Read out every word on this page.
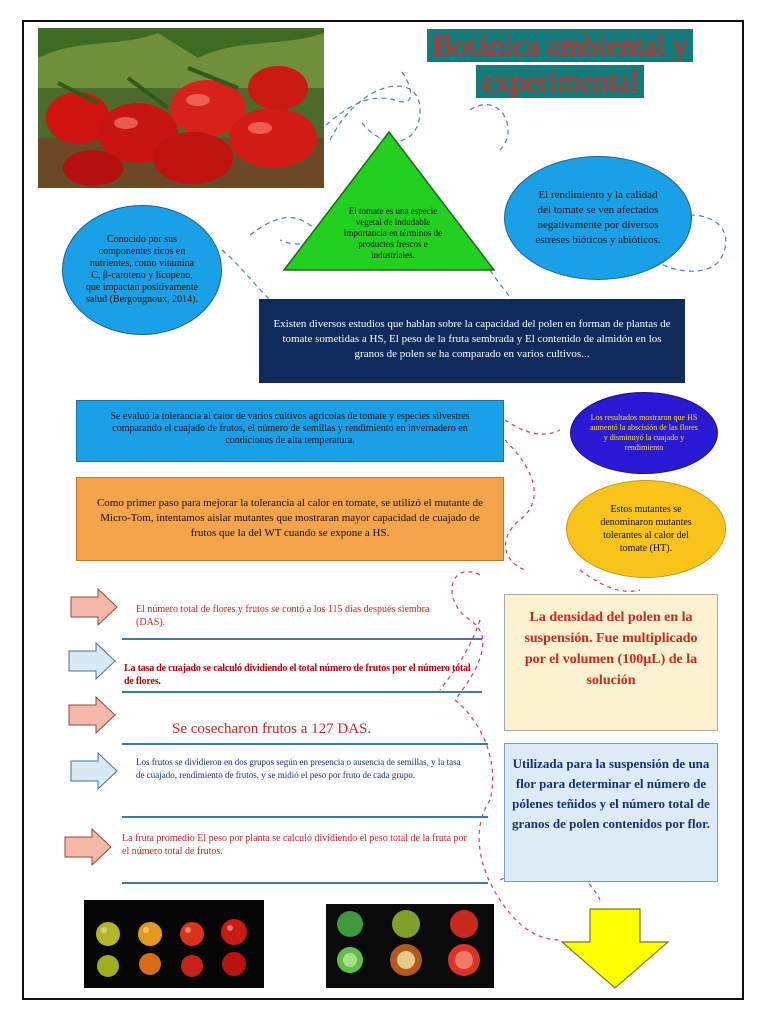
Botánica ambiental y
experimental
El tomate es una especie vegetal de indudable importancia en términos de productos frescos e industriales.
Conocido por sus componentes ricos en nutrientes, como vitamina C, β-caroteno y licopeno, que impactan positivamente salud (Bergougnoux, 2014).
El rendimiento y la calidad del tomate se ven afectados negativamente por diversos estreses bióticos y abióticos.
Existen diversos estudios que hablan sobre la capacidad del polen en forman de plantas de tomate sometidas a HS, El peso de la fruta sembrada y El contenido de almidón en los granos de polen se ha comparado en varios cultivos...
Se evaluó la tolerancia al calor de varios cultivos agrícolas de tomate y especies silvestres comparando el cuajado de frutos, el número de semillas y rendimiento en invernadero en condiciones de alta temperatura.
Los resultados mostraron que HS aumentó la abscisión de las flores y disminuyó la cuajado y rendimiento
Como primer paso para mejorar la tolerancia al calor en tomate, se utilizó el mutante de Micro-Tom, intentamos aislar mutantes que mostraran mayor capacidad de cuajado de frutos que la del WT cuando se expone a HS.
Estos mutantes se denominaron mutantes tolerantes al calor del tomate (HT).
El número total de flores y frutos se contó a los 115 días después siembra (DAS).
La tasa de cuajado se calculó dividiendo el total número de frutos por el número total de flores.
Se cosecharon frutos a 127 DAS.
Los frutos se dividieron en dos grupos según en presencia o ausencia de semillas, y la tasa de cuajado, rendimiento de frutos, y se midió el peso por fruto de cada grupo.
La fruta promedio El peso por planta se calculó dividiendo el peso total de la fruta por el número total de frutos.
La densidad del polen en la suspensión. Fue multiplicado por el volumen (100µL) de la solución
Utilizada para la suspensión de una flor para determinar el número de pólenes teñidos y el número total de granos de polen contenidos por flor.
